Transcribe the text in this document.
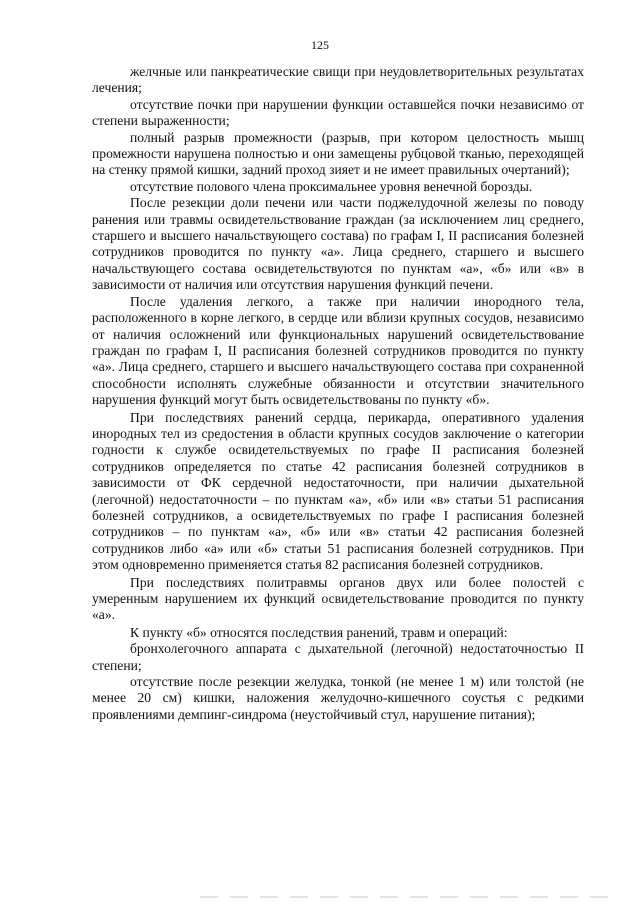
125

желчные или панкреатические свищи при неудовлетворительных результатах лечения;

отсутствие почки при нарушении функции оставшейся почки независимо от степени выраженности;

полный разрыв промежности (разрыв, при котором целостность мышц промежности нарушена полностью и они замещены рубцовой тканью, переходящей на стенку прямой кишки, задний проход зияет и не имеет правильных очертаний);

отсутствие полового члена проксимальнее уровня венечной борозды.

После резекции доли печени или части поджелудочной железы по поводу ранения или травмы освидетельствование граждан (за исключением лиц среднего, старшего и высшего начальствующего состава) по графам I, II расписания болезней сотрудников проводится по пункту «а». Лица среднего, старшего и высшего начальствующего состава освидетельствуются по пунктам «а», «б» или «в» в зависимости от наличия или отсутствия нарушения функций печени.

После удаления легкого, а также при наличии инородного тела, расположенного в корне легкого, в сердце или вблизи крупных сосудов, независимо от наличия осложнений или функциональных нарушений освидетельствование граждан по графам I, II расписания болезней сотрудников проводится по пункту «а». Лица среднего, старшего и высшего начальствующего состава при сохраненной способности исполнять служебные обязанности и отсутствии значительного нарушения функций могут быть освидетельствованы по пункту «б».

При последствиях ранений сердца, перикарда, оперативного удаления инородных тел из средостения в области крупных сосудов заключение о категории годности к службе освидетельствуемых по графе II расписания болезней сотрудников определяется по статье 42 расписания болезней сотрудников в зависимости от ФК сердечной недостаточности, при наличии дыхательной (легочной) недостаточности – по пунктам «а», «б» или «в» статьи 51 расписания болезней сотрудников, а освидетельствуемых по графе I расписания болезней сотрудников – по пунктам «а», «б» или «в» статьи 42 расписания болезней сотрудников либо «а» или «б» статьи 51 расписания болезней сотрудников. При этом одновременно применяется статья 82 расписания болезней сотрудников.

При последствиях политравмы органов двух или более полостей с умеренным нарушением их функций освидетельствование проводится по пункту «а».

К пункту «б» относятся последствия ранений, травм и операций:

бронхолегочного аппарата с дыхательной (легочной) недостаточностью II степени;

отсутствие после резекции желудка, тонкой (не менее 1 м) или толстой (не менее 20 см) кишки, наложения желудочно-кишечного соустья с редкими проявлениями демпинг-синдрома (неустойчивый стул, нарушение питания);
